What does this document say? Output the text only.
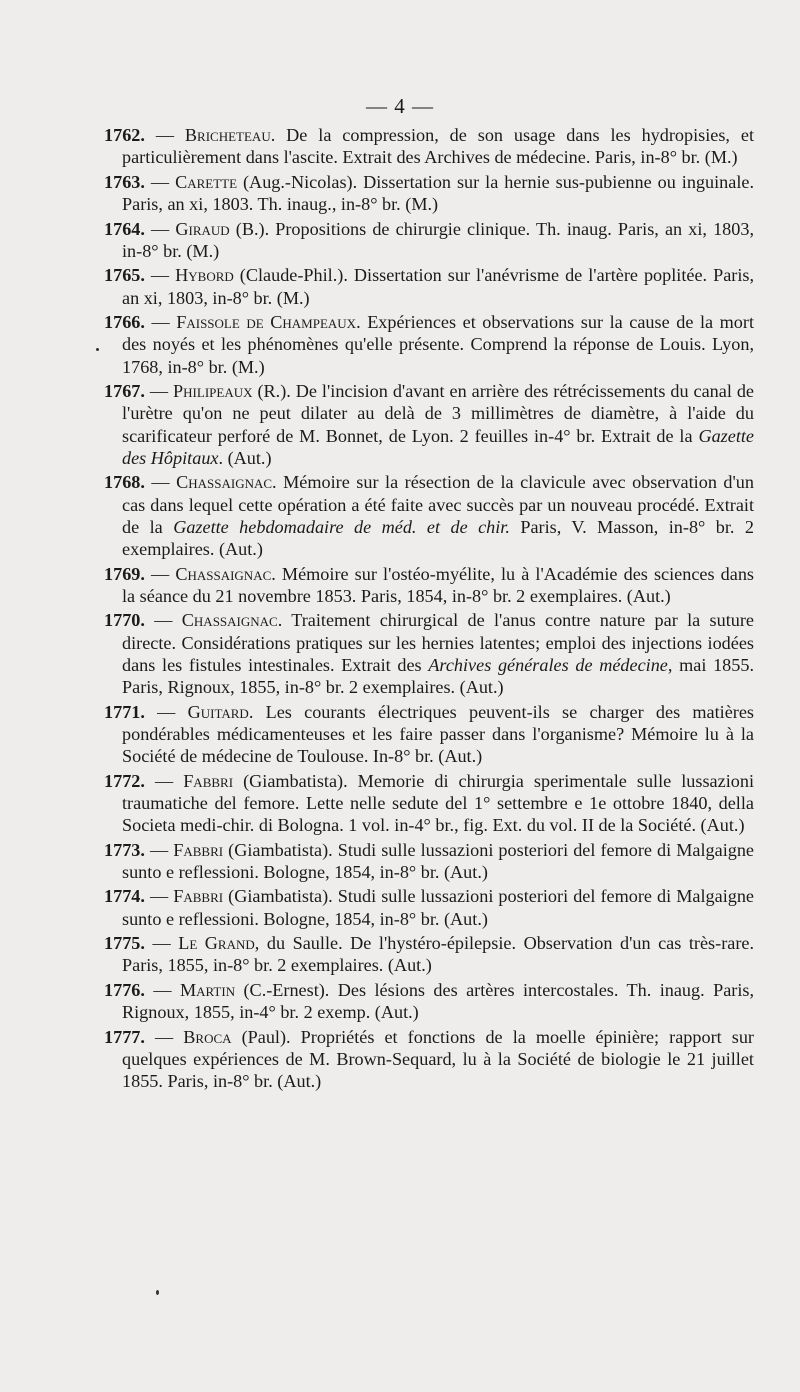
— 4 —
1762. — Bricheteau. De la compression, de son usage dans les hydropisies, et particulièrement dans l'ascite. Extrait des Archives de médecine. Paris, in-8° br. (M.)
1763. — Carette (Aug.-Nicolas). Dissertation sur la hernie sus-pubienne ou inguinale. Paris, an xi, 1803. Th. inaug., in-8° br. (M.)
1764. — Giraud (B.). Propositions de chirurgie clinique. Th. inaug. Paris, an xi, 1803, in-8° br. (M.)
1765. — Hybord (Claude-Phil.). Dissertation sur l'anévrisme de l'artère poplitée. Paris, an xi, 1803, in-8° br. (M.)
1766. — Faissole de Champeaux. Expériences et observations sur la cause de la mort des noyés et les phénomènes qu'elle présente. Comprend la réponse de Louis. Lyon, 1768, in-8° br. (M.)
1767. — Philipeaux (R.). De l'incision d'avant en arrière des rétrécissements du canal de l'urètre qu'on ne peut dilater au delà de 3 millimètres de diamètre, à l'aide du scarificateur perforé de M. Bonnet, de Lyon. 2 feuilles in-4° br. Extrait de la Gazette des Hôpitaux. (Aut.)
1768. — Chassaignac. Mémoire sur la résection de la clavicule avec observation d'un cas dans lequel cette opération a été faite avec succès par un nouveau procédé. Extrait de la Gazette hebdomadaire de méd. et de chir. Paris, V. Masson, in-8° br. 2 exemplaires. (Aut.)
1769. — Chassaignac. Mémoire sur l'ostéo-myélite, lu à l'Académie des sciences dans la séance du 21 novembre 1853. Paris, 1854, in-8° br. 2 exemplaires. (Aut.)
1770. — Chassaignac. Traitement chirurgical de l'anus contre nature par la suture directe. Considérations pratiques sur les hernies latentes; emploi des injections iodées dans les fistules intestinales. Extrait des Archives générales de médecine, mai 1855. Paris, Rignoux, 1855, in-8° br. 2 exemplaires. (Aut.)
1771. — Guitard. Les courants électriques peuvent-ils se charger des matières pondérables médicamenteuses et les faire passer dans l'organisme? Mémoire lu à la Société de médecine de Toulouse. In-8° br. (Aut.)
1772. — Fabbri (Giambatista). Memorie di chirurgia sperimentale sulle lussazioni traumatiche del femore. Lette nelle sedute del 1° settembre e 1e ottobre 1840, della Societa medi-chir. di Bologna. 1 vol. in-4° br., fig. Ext. du vol. II de la Société. (Aut.)
1773. — Fabbri (Giambatista). Studi sulle lussazioni posteriori del femore di Malgaigne sunto e reflessioni. Bologne, 1854, in-8° br. (Aut.)
1774. — Fabbri (Giambatista). Studi sulle lussazioni posteriori del femore di Malgaigne sunto e reflessioni. Bologne, 1854, in-8° br. (Aut.)
1775. — Le Grand, du Saulle. De l'hystéro-épilepsie. Observation d'un cas très-rare. Paris, 1855, in-8° br. 2 exemplaires. (Aut.)
1776. — Martin (C.-Ernest). Des lésions des artères intercostales. Th. inaug. Paris, Rignoux, 1855, in-4° br. 2 exemp. (Aut.)
1777. — Broca (Paul). Propriétés et fonctions de la moelle épinière; rapport sur quelques expériences de M. Brown-Sequard, lu à la Société de biologie le 21 juillet 1855. Paris, in-8° br. (Aut.)
